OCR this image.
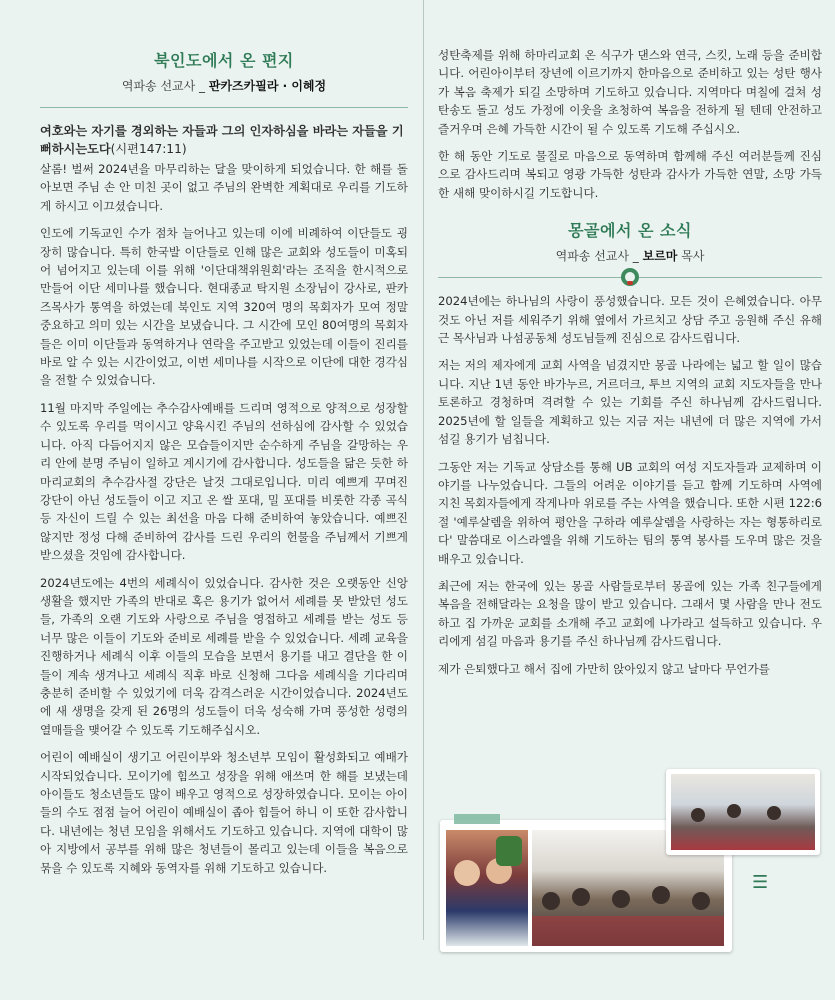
북인도에서 온 편지
역파송 선교사 _ 판카즈카필라 · 이혜정
여호와는 자기를 경외하는 자들과 그의 인자하심을 바라는 자들을 기뻐하시는도다(시편147:11)

살롬! 벌써 2024년을 마무리하는 달을 맞이하게 되었습니다. 한 해를 돌아보면 주님 손 안 미친 곳이 없고 주님의 완벽한 계획대로 우리를 기도하게 하시고 이끄셨습니다.

인도에 기독교인 수가 점차 늘어나고 있는데 이에 비례하여 이단들도 굉장히 많습니다. 특히 한국발 이단들로 인해 많은 교회와 성도들이 미혹되어 넘어지고 있는데 이를 위해 '이단대책위원회'라는 조직을 한시적으로 만들어 이단 세미나를 했습니다. 현대종교 탁지원 소장님이 강사로, 판카즈목사가 통역을 하였는데 북인도 지역 320여 명의 목회자가 모여 정말 중요하고 의미 있는 시간을 보냈습니다. 그 시간에 모인 80여명의 목회자들은 이미 이단들과 동역하거나 연락을 주고받고 있었는데 이들이 진리를 바로 알 수 있는 시간이었고, 이번 세미나를 시작으로 이단에 대한 경각심을 전할 수 있었습니다.

11월 마지막 주일에는 추수감사예배를 드리며 영적으로 양적으로 성장할 수 있도록 우리를 먹이시고 양육시킨 주님의 선하심에 감사할 수 있었습니다. 아직 다듬어지지 않은 모습들이지만 순수하게 주님을 갈망하는 우리 안에 분명 주님이 일하고 계시기에 감사합니다. 성도들을 닮은 듯한 하마리교회의 추수감사절 강단은 날것 그대로입니다. 미리 예쁘게 꾸며진 강단이 아닌 성도들이 이고 지고 온 쌀 포대, 밀 포대를 비롯한 각종 곡식 등 자신이 드릴 수 있는 최선을 마음 다해 준비하여 놓았습니다. 예쁘진 않지만 정성 다해 준비하여 감사를 드린 우리의 헌물을 주님께서 기쁘게 받으셨을 것임에 감사합니다.

2024년도에는 4번의 세례식이 있었습니다. 감사한 것은 오랫동안 신앙생활을 했지만 가족의 반대로 혹은 용기가 없어서 세례를 못 받았던 성도들, 가족의 오랜 기도와 사랑으로 주님을 영접하고 세례를 받는 성도 등 너무 많은 이들이 기도와 준비로 세례를 받을 수 있었습니다. 세례 교육을 진행하거나 세례식 이후 이들의 모습을 보면서 용기를 내고 결단을 한 이들이 계속 생겨나고 세례식 직후 바로 신청해 그다음 세례식을 기다리며 충분히 준비할 수 있었기에 더욱 감격스러운 시간이었습니다. 2024년도에 새 생명을 갖게 된 26명의 성도들이 더욱 성숙해 가며 풍성한 성령의 열매들을 맺어갈 수 있도록 기도해주십시오.

어린이 예배실이 생기고 어린이부와 청소년부 모임이 활성화되고 예배가 시작되었습니다. 모이기에 힘쓰고 성장을 위해 애쓰며 한 해를 보냈는데 아이들도 청소년들도 많이 배우고 영적으로 성장하였습니다. 모이는 아이들의 수도 점점 늘어 어린이 예배실이 좁아 힘들어 하니 이 또한 감사합니다. 내년에는 청년 모임을 위해서도 기도하고 있습니다. 지역에 대학이 많아 지방에서 공부를 위해 많은 청년들이 몰리고 있는데 이들을 복음으로 묶을 수 있도록 지혜와 동역자를 위해 기도하고 있습니다.

성탄축제를 위해 하마리교회 온 식구가 댄스와 연극, 스킷, 노래 등을 준비합니다. 어린아이부터 장년에 이르기까지 한마음으로 준비하고 있는 성탄 행사가 복음 축제가 되길 소망하며 기도하고 있습니다. 지역마다 며칠에 걸쳐 성탄송도 돌고 성도 가정에 이웃을 초청하여 복음을 전하게 될 텐데 안전하고 즐거우며 은혜 가득한 시간이 될 수 있도록 기도해 주십시오.

한 해 동안 기도로 물질로 마음으로 동역하며 함께해 주신 여러분들께 진심으로 감사드리며 복되고 영광 가득한 성탄과 감사가 가득한 연말, 소망 가득한 새해 맞이하시길 기도합니다.

몽골에서 온 소식
역파송 선교사 _ 보르마 목사

2024년에는 하나님의 사랑이 풍성했습니다. 모든 것이 은혜였습니다. 아무것도 아닌 저를 세워주기 위해 옆에서 가르치고 상담 주고 응원해 주신 유해근 목사님과 나섬공동체 성도님들께 진심으로 감사드립니다.

저는 저의 제자에게 교회 사역을 넘겼지만 몽골 나라에는 넓고 할 일이 많습니다. 지난 1년 동안 바가누르, 거르더크, 투브 지역의 교회 지도자들을 만나 토론하고 경청하며 격려할 수 있는 기회를 주신 하나님께 감사드립니다. 2025년에 할 일들을 계획하고 있는 지금 저는 내년에 더 많은 지역에 가서 섬길 용기가 넘칩니다.

그동안 저는 기독교 상담소를 통해 UB 교회의 여성 지도자들과 교제하며 이야기를 나누었습니다. 그들의 어려운 이야기를 듣고 함께 기도하며 사역에 지친 목회자들에게 작게나마 위로를 주는 사역을 했습니다. 또한 시편 122:6절 '예루살렘을 위하여 평안을 구하라 예루살렘을 사랑하는 자는 형통하리로다' 말씀대로 이스라엘을 위해 기도하는 팀의 통역 봉사를 도우며 많은 것을 배우고 있습니다.

최근에 저는 한국에 있는 몽골 사람들로부터 몽골에 있는 가족 친구들에게 복음을 전해달라는 요청을 많이 받고 있습니다. 그래서 몇 사람을 만나 전도하고 집 가까운 교회를 소개해 주고 교회에 나가라고 설득하고 있습니다. 우리에게 섬길 마음과 용기를 주신 하나님께 감사드립니다.

제가 은퇴했다고 해서 집에 가만히 앉아있지 않고 날마다 무언가를

☰
